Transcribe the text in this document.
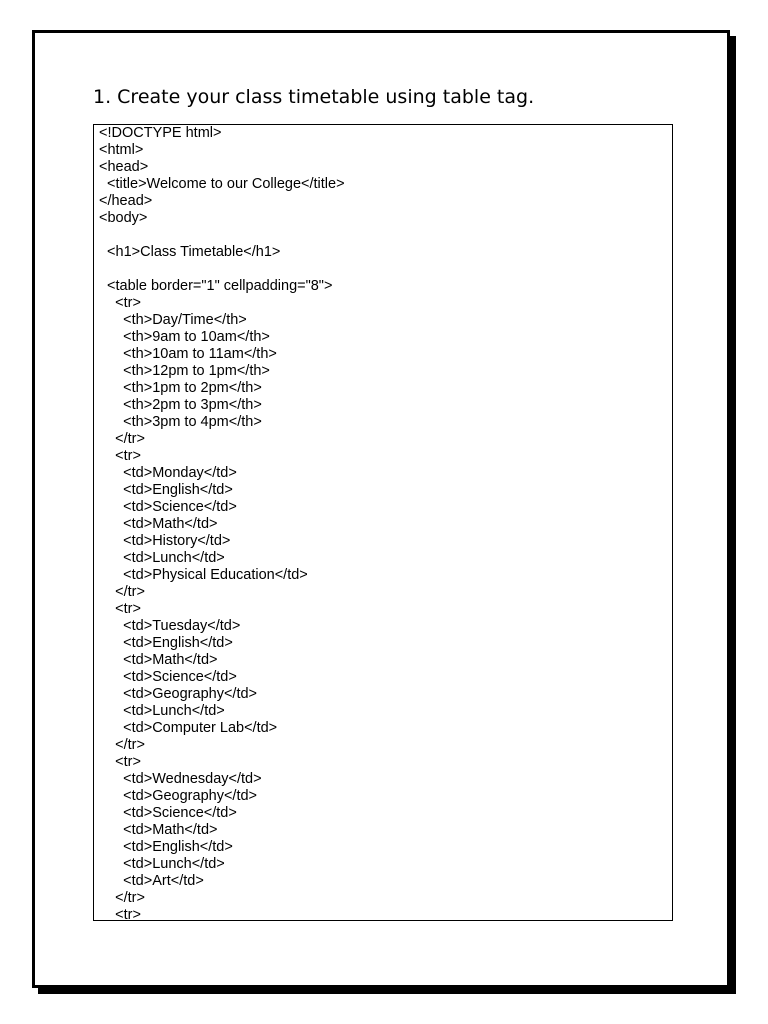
1. Create your class timetable using table tag.
<!DOCTYPE html>
<html>
<head>
<title>Welcome to our College</title>
</head>
<body>
<h1>Class Timetable</h1>
<table border="1" cellpadding="8">
<tr>
<th>Day/Time</th>
<th>9am to 10am</th>
<th>10am to 11am</th>
<th>12pm to 1pm</th>
<th>1pm to 2pm</th>
<th>2pm to 3pm</th>
<th>3pm to 4pm</th>
</tr>
<tr>
<td>Monday</td>
<td>English</td>
<td>Science</td>
<td>Math</td>
<td>History</td>
<td>Lunch</td>
<td>Physical Education</td>
</tr>
<tr>
<td>Tuesday</td>
<td>English</td>
<td>Math</td>
<td>Science</td>
<td>Geography</td>
<td>Lunch</td>
<td>Computer Lab</td>
</tr>
<tr>
<td>Wednesday</td>
<td>Geography</td>
<td>Science</td>
<td>Math</td>
<td>English</td>
<td>Lunch</td>
<td>Art</td>
</tr>
<tr>
